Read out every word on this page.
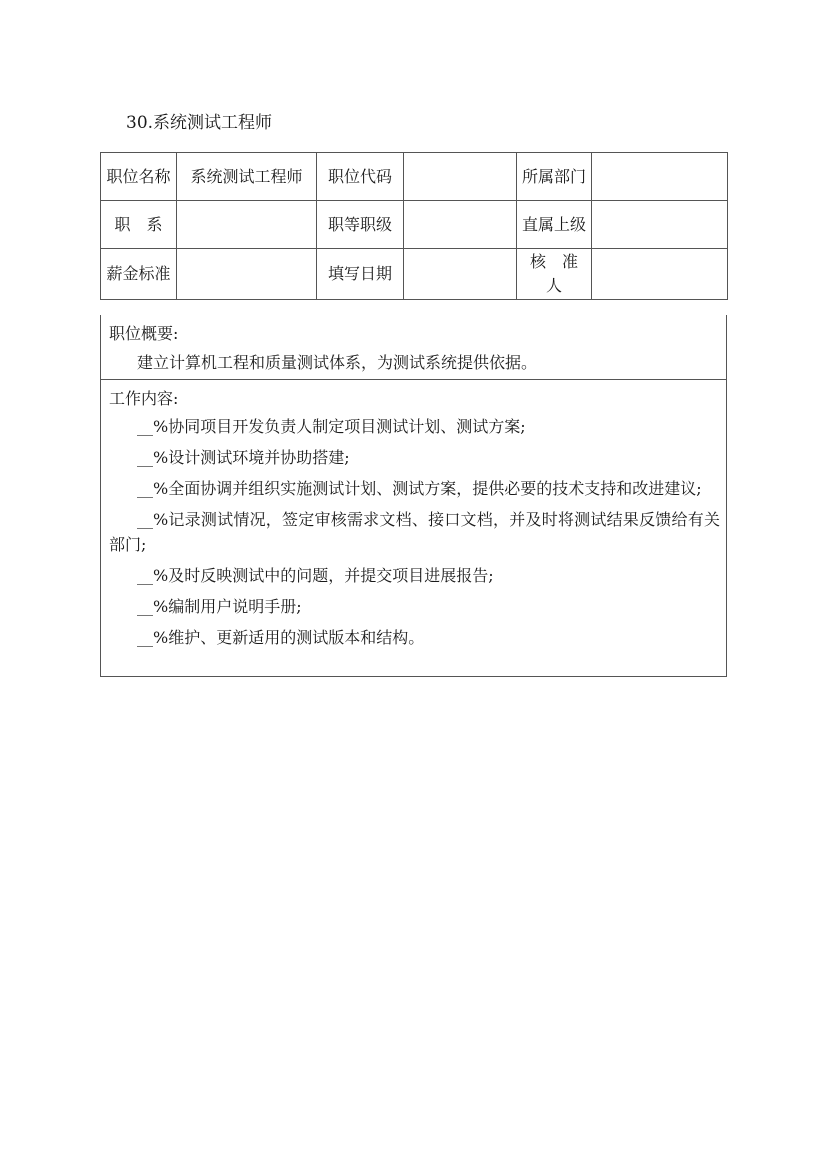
30.系统测试工程师
职位名称	系统测试工程师	职位代码		所属部门	
职　系		职等职级		直属上级	
薪金标准		填写日期		核　准　人	
职位概要:
建立计算机工程和质量测试体系，为测试系统提供依据。
工作内容:
__%协同项目开发负责人制定项目测试计划、测试方案;
__%设计测试环境并协助搭建;
__%全面协调并组织实施测试计划、测试方案，提供必要的技术支持和改进建议;
__%记录测试情况，签定审核需求文档、接口文档，并及时将测试结果反馈给有关部门;
__%及时反映测试中的问题，并提交项目进展报告;
__%编制用户说明手册;
__%维护、更新适用的测试版本和结构。
